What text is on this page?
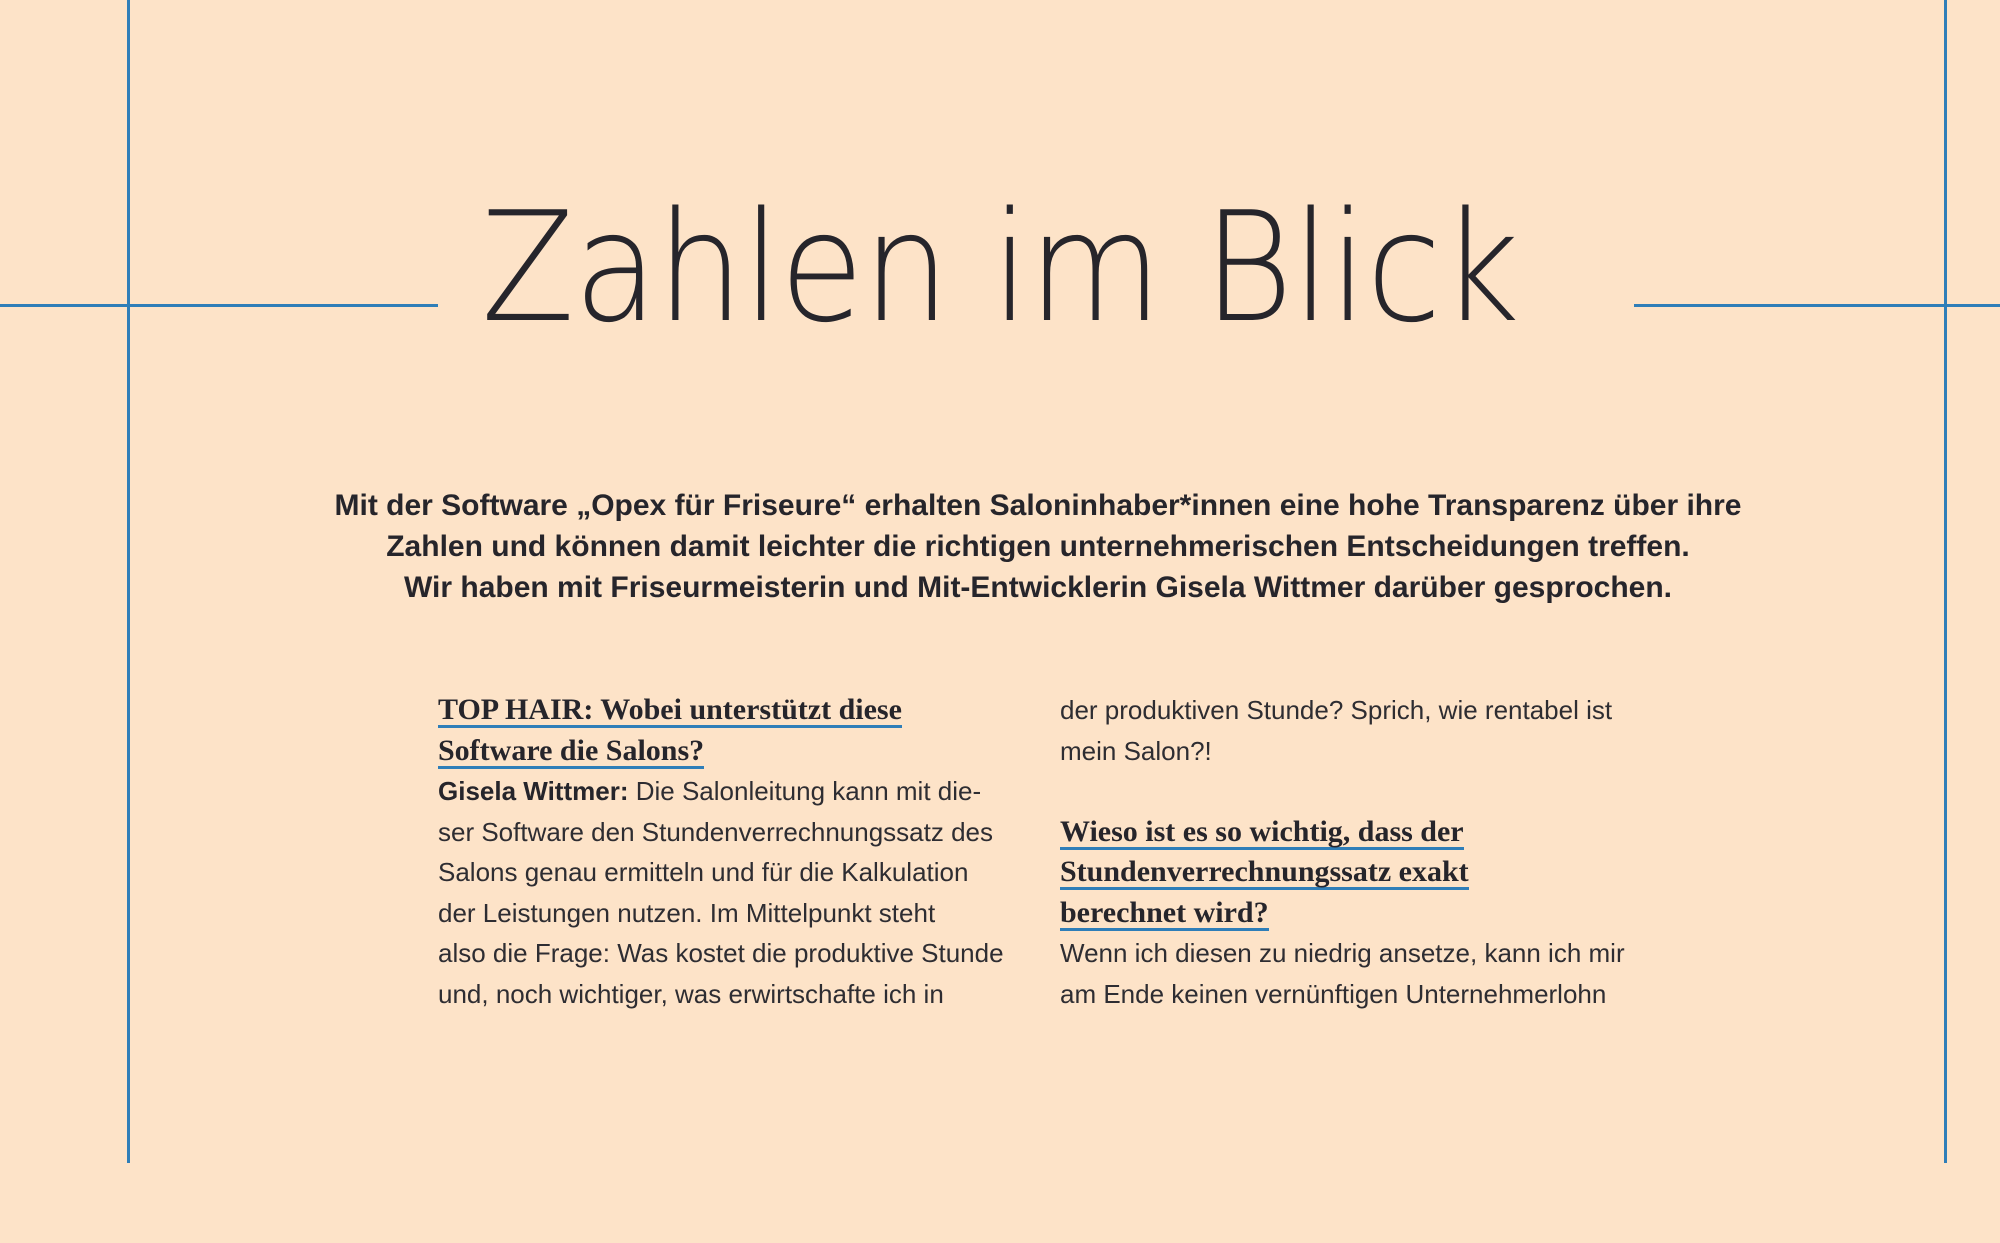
Zahlen im Blick
Mit der Software „Opex für Friseure“ erhalten Saloninhaber*innen eine hohe Transparenz über ihre
Zahlen und können damit leichter die richtigen unternehmerischen Entscheidungen treffen.
Wir haben mit Friseurmeisterin und Mit-Entwicklerin Gisela Wittmer darüber gesprochen.

TOP HAIR: Wobei unterstützt diese
Software die Salons?

Gisela Wittmer: Die Salonleitung kann mit die-
ser Software den Stundenverrechnungssatz des
Salons genau ermitteln und für die Kalkulation
der Leistungen nutzen. Im Mittelpunkt steht
also die Frage: Was kostet die produktive Stunde
und, noch wichtiger, was erwirtschafte ich in

der produktiven Stunde? Sprich, wie rentabel ist
mein Salon?!

Wieso ist es so wichtig, dass der
Stundenverrechnungssatz exakt
berechnet wird?

Wenn ich diesen zu niedrig ansetze, kann ich mir
am Ende keinen vernünftigen Unternehmerlohn
